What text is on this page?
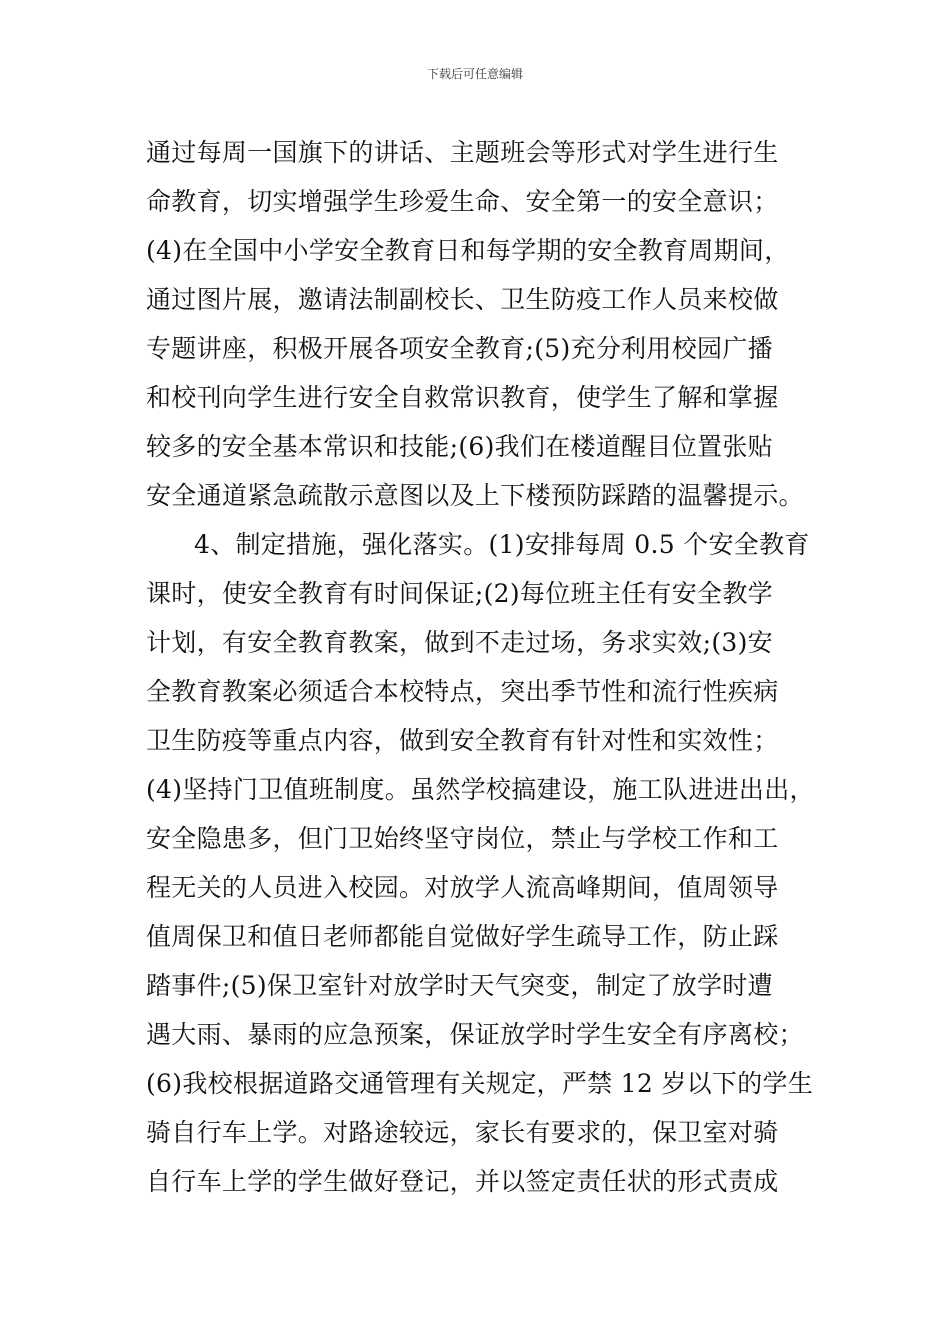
下载后可任意编辑
通过每周一国旗下的讲话、主题班会等形式对学生进行生
命教育，切实增强学生珍爱生命、安全第一的安全意识；
(4)在全国中小学安全教育日和每学期的安全教育周期间，
通过图片展，邀请法制副校长、卫生防疫工作人员来校做
专题讲座，积极开展各项安全教育;(5)充分利用校园广播
和校刊向学生进行安全自救常识教育，使学生了解和掌握
较多的安全基本常识和技能;(6)我们在楼道醒目位置张贴
安全通道紧急疏散示意图以及上下楼预防踩踏的温馨提示。
4、制定措施，强化落实。(1)安排每周 0.5 个安全教育
课时，使安全教育有时间保证;(2)每位班主任有安全教学
计划，有安全教育教案，做到不走过场，务求实效;(3)安
全教育教案必须适合本校特点，突出季节性和流行性疾病
卫生防疫等重点内容，做到安全教育有针对性和实效性；
(4)坚持门卫值班制度。虽然学校搞建设，施工队进进出出，
安全隐患多，但门卫始终坚守岗位，禁止与学校工作和工
程无关的人员进入校园。对放学人流高峰期间，值周领导
值周保卫和值日老师都能自觉做好学生疏导工作，防止踩
踏事件;(5)保卫室针对放学时天气突变，制定了放学时遭
遇大雨、暴雨的应急预案，保证放学时学生安全有序离校；
(6)我校根据道路交通管理有关规定，严禁 12 岁以下的学生
骑自行车上学。对路途较远，家长有要求的，保卫室对骑
自行车上学的学生做好登记，并以签定责任状的形式责成
